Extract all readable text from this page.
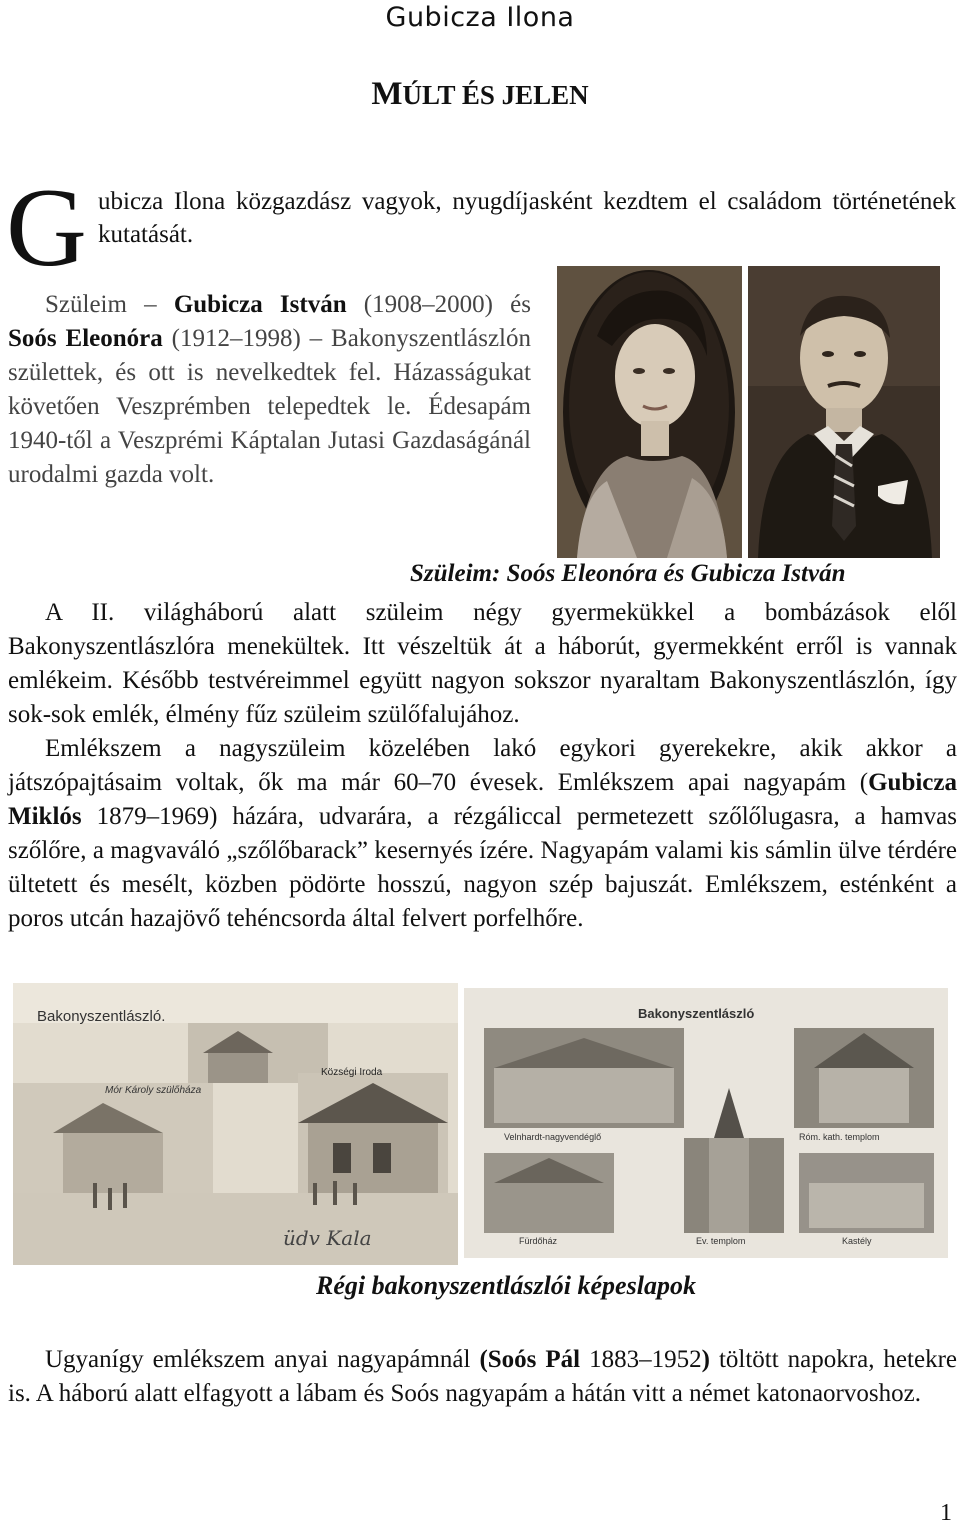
Gubicza Ilona
MÚLT ÉS JELEN
G ubicza Ilona közgazdász vagyok, nyugdíjasként kezdtem el családom történetének kutatását.
Szüleim – Gubicza István (1908–2000) és Soós Eleonóra (1912–1998) – Bakonyszentlászlón születtek, és ott is nevelkedtek fel. Házasságukat követően Veszprémben telepedtek le. Édesapám 1940-től a Veszprémi Káptalan Jutasi Gazdaságánál urodalmi gazda volt.
Szüleim: Soós Eleonóra és Gubicza István
A II. világháború alatt szüleim négy gyermekükkel a bombázások elől Bakonyszentlászlóra menekültek. Itt vészeltük át a háborút, gyermekként erről is vannak emlékeim. Később testvéreimmel együtt nagyon sokszor nyaraltam Bakonyszentlászlón, így sok-sok emlék, élmény fűz szüleim szülőfalujához.
Emlékszem a nagyszüleim közelében lakó egykori gyerekekre, akik akkor a játszópajtásaim voltak, ők ma már 60–70 évesek. Emlékszem apai nagyapám (Gubicza Miklós 1879–1969) házára, udvarára, a rézgáliccal permetezett szőlőlugasra, a hamvas szőlőre, a magvaváló „szőlőbarack” kesernyés ízére. Nagyapám valami kis sámlin ülve térdére ültetett és mesélt, közben pödörte hosszú, nagyon szép bajuszát. Emlékszem, esténként a poros utcán hazajövő tehéncsorda által felvert porfelhőre.
Bakonyszentlászló.
Mór Károly szülőháza
Községi Iroda
üdv Kala
Bakonyszentlászló
Velnhardt-nagyvendéglő	Róm. kath. templom
Fürdőház	Ev. templom	Kastély
Régi bakonyszentlászlói képeslapok
Ugyanígy emlékszem anyai nagyapámnál (Soós Pál 1883–1952) töltött napokra, hetekre is. A háború alatt elfagyott a lábam és Soós nagyapám a hátán vitt a német katonaorvoshoz.
1
